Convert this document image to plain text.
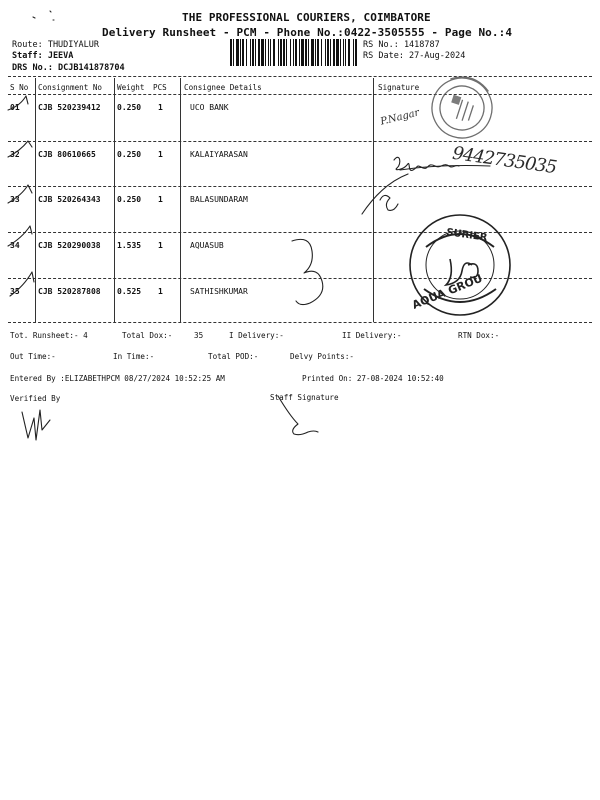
THE PROFESSIONAL COURIERS, COIMBATORE
Delivery Runsheet - PCM - Phone No.:0422-3505555 - Page No.:4
Route: THUDIYALUR
Staff: JEEVA
DRS No.: DCJB141878704
RS No.: 1418787
RS Date: 27-Aug-2024
S No Consignment No Weight PCS Consignee Details	Signature
01 CJB 520239412 0.250 1	UCO BANK
32 CJB 80610665	0.250 1	KALAIYARASAN
33 CJB 520264343 0.250 1	BALASUNDARAM
34 CJB 520290038 1.535 1	AQUASUB
35 CJB 520287808 0.525 1	SATHISHKUMAR
Tot. Runsheet:- 4	Total Dox:-	35	I Delivery:-	II Delivery:-	RTN Dox:-
Out Time:-	In Time:-	Total POD:-	Delvy Points:-
Entered By :ELIZABETHPCM 08/27/2024 10:52:25 AM	Printed On: 27-08-2024 10:52:40
Verified By	Staff Signature
P.Nagar
9442735035
AQUA GROU
SURIER
